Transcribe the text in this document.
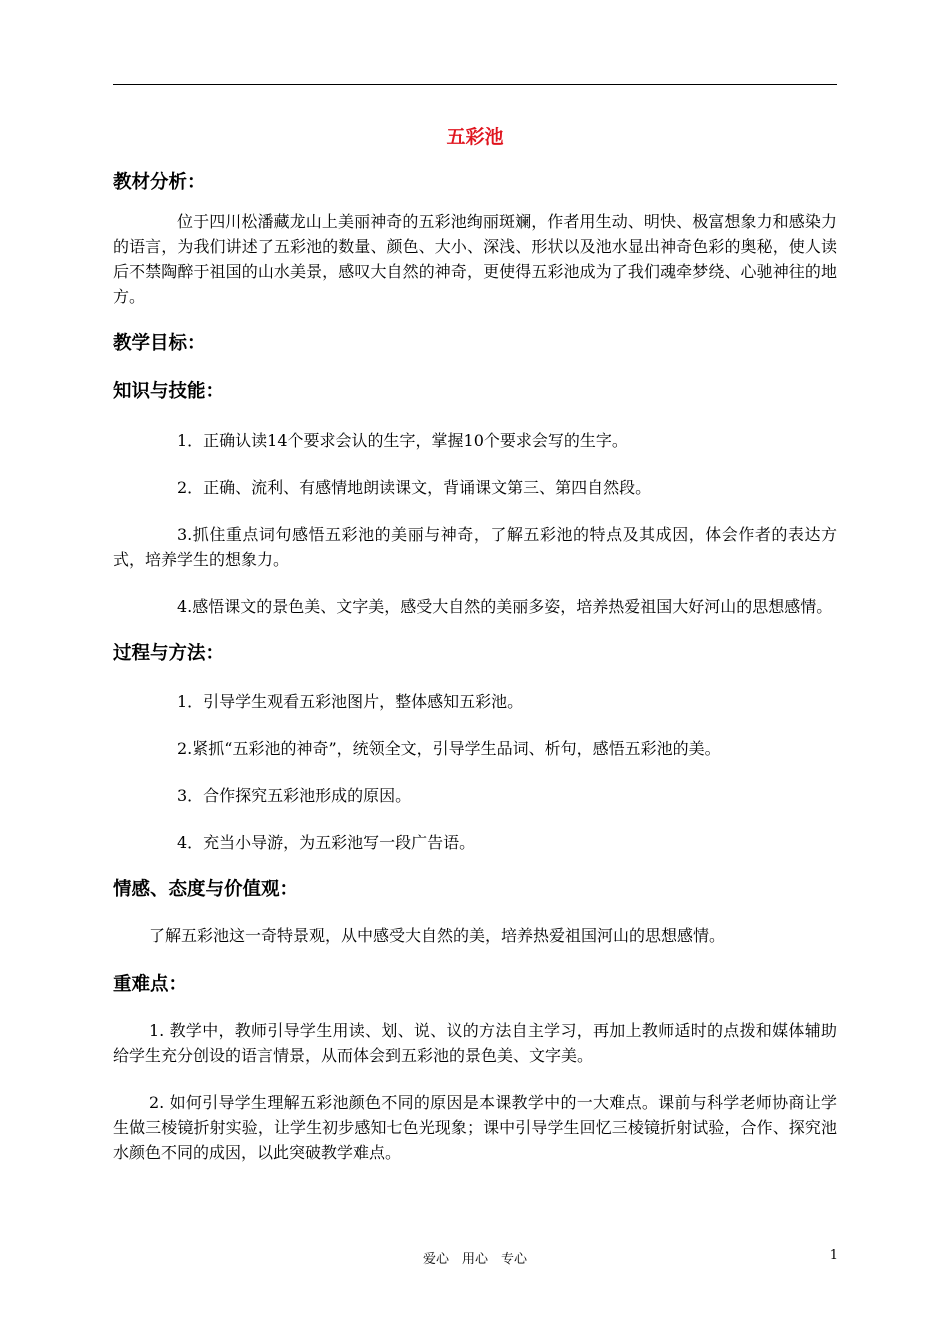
五彩池

教材分析：

位于四川松潘藏龙山上美丽神奇的五彩池绚丽斑斓，作者用生动、明快、极富想象力和感染力的语言，为我们讲述了五彩池的数量、颜色、大小、深浅、形状以及池水显出神奇色彩的奥秘，使人读后不禁陶醉于祖国的山水美景，感叹大自然的神奇，更使得五彩池成为了我们魂牵梦绕、心驰神往的地方。

教学目标：
知识与技能：

1．正确认读14个要求会认的生字，掌握10个要求会写的生字。

2．正确、流利、有感情地朗读课文，背诵课文第三、第四自然段。

3.抓住重点词句感悟五彩池的美丽与神奇，了解五彩池的特点及其成因，体会作者的表达方式，培养学生的想象力。

4.感悟课文的景色美、文字美，感受大自然的美丽多姿，培养热爱祖国大好河山的思想感情。

过程与方法：

1．引导学生观看五彩池图片，整体感知五彩池。

2.紧抓“五彩池的神奇”，统领全文，引导学生品词、析句，感悟五彩池的美。

3．合作探究五彩池形成的原因。

4．充当小导游，为五彩池写一段广告语。

情感、态度与价值观：

了解五彩池这一奇特景观，从中感受大自然的美，培养热爱祖国河山的思想感情。

重难点：

1. 教学中，教师引导学生用读、划、说、议的方法自主学习，再加上教师适时的点拨和媒体辅助给学生充分创设的语言情景，从而体会到五彩池的景色美、文字美。

2. 如何引导学生理解五彩池颜色不同的原因是本课教学中的一大难点。课前与科学老师协商让学生做三棱镜折射实验，让学生初步感知七色光现象；课中引导学生回忆三棱镜折射试验，合作、探究池水颜色不同的成因，以此突破教学难点。

爱心　用心　专心	1
